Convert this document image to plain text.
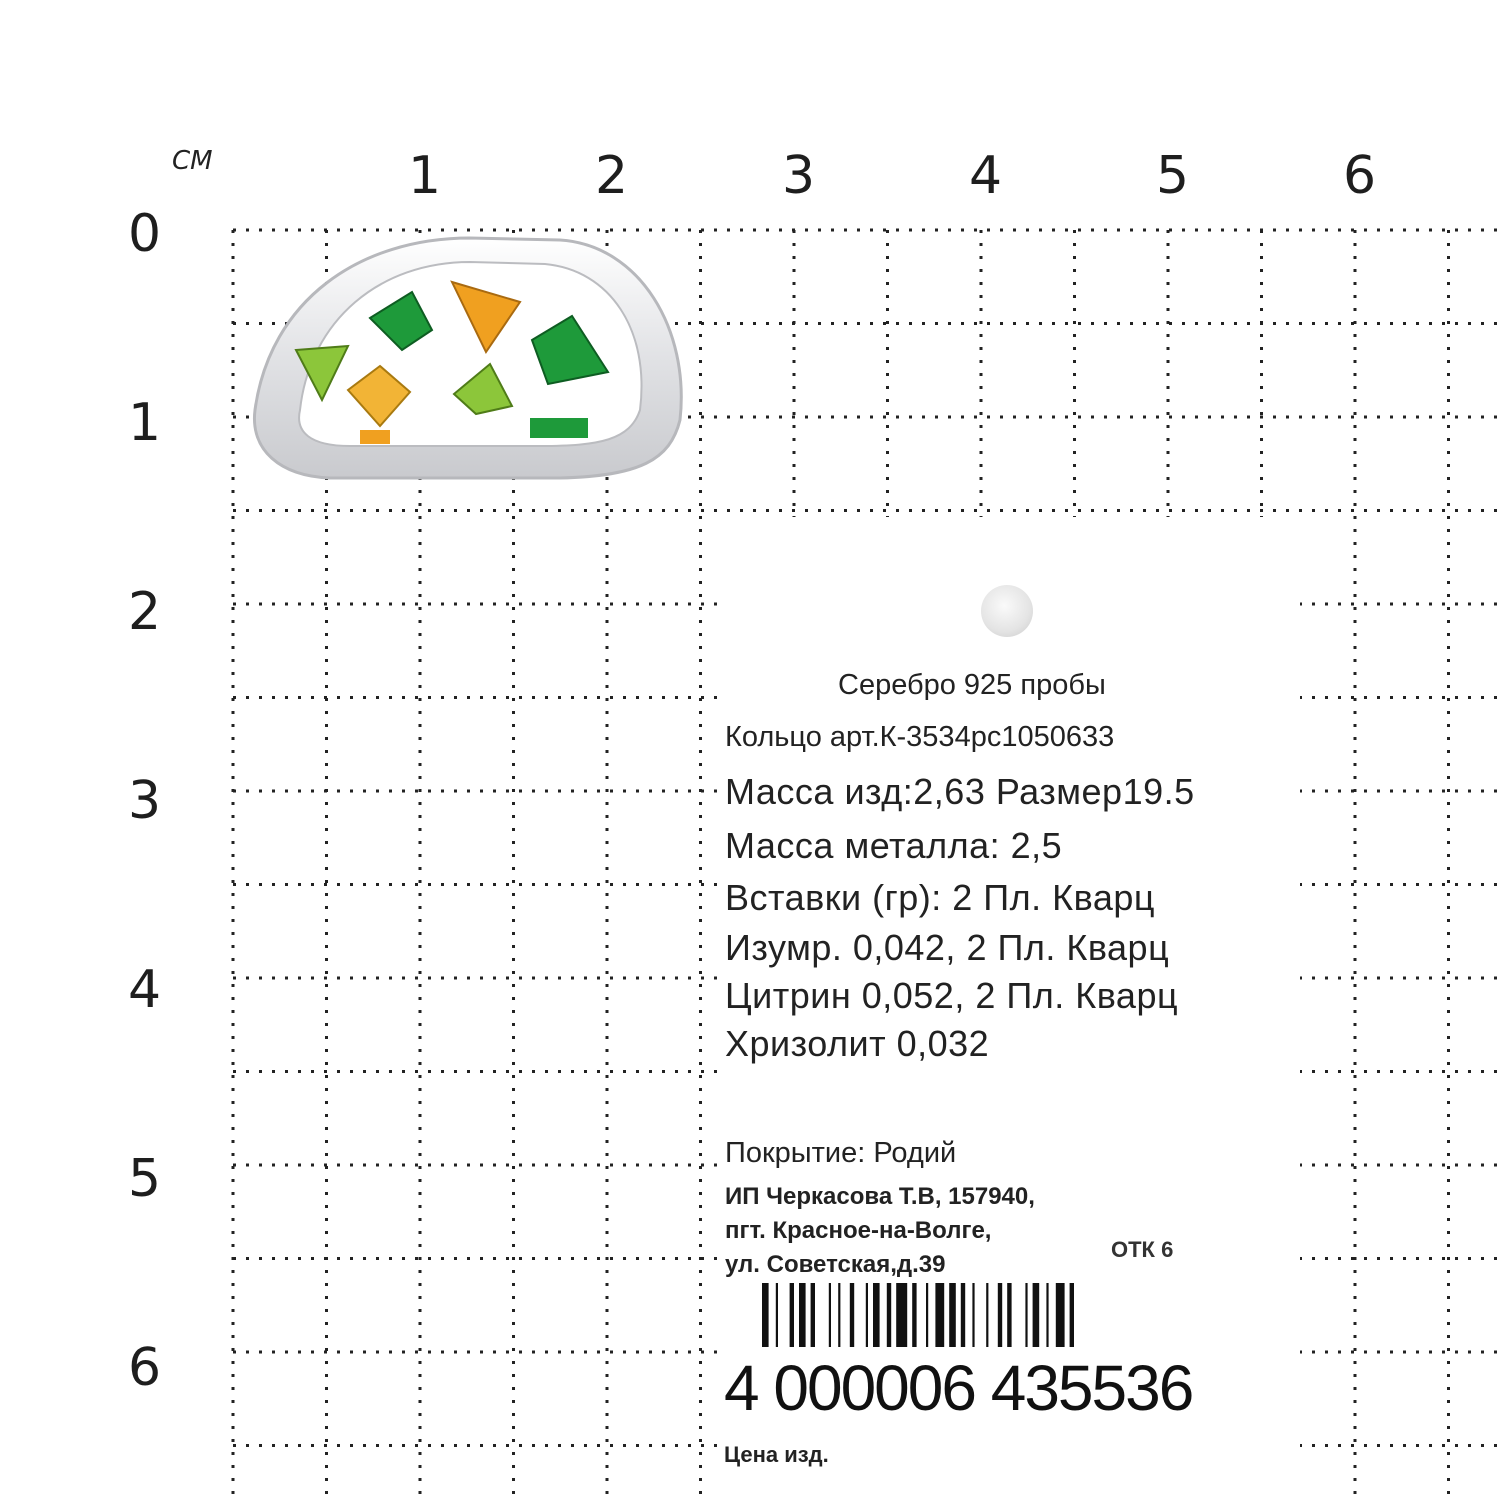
СМ	1	2	3	4	5	6
0
1
2
3
4
5
6
Серебро 925 пробы
Кольцо арт.К-3534рс1050633
Масса изд:2,63 Размер19.5
Масса металла: 2,5
Вставки (гр): 2 Пл. Кварц
Изумр. 0,042, 2 Пл. Кварц
Цитрин 0,052, 2 Пл. Кварц
Хризолит 0,032
Покрытие: Родий
ИП Черкасова Т.В, 157940,
пгт. Красное-на-Волге,
ул. Советская,д.39
ОТК 6
4 000006 435536
Цена изд.
